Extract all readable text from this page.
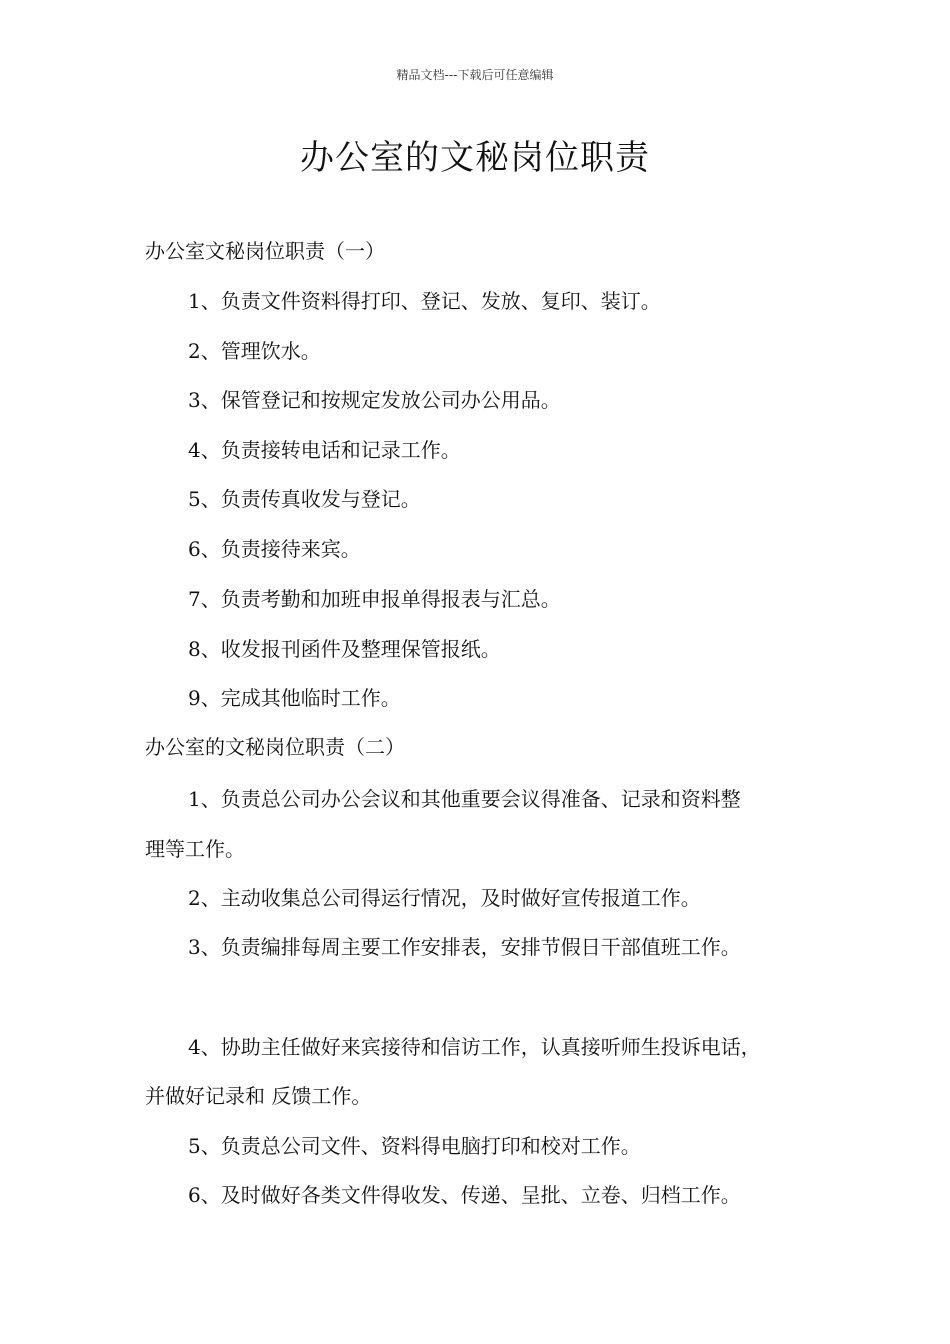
精品文档---下载后可任意编辑
办公室的文秘岗位职责
办公室文秘岗位职责（一）
1、负责文件资料得打印、登记、发放、复印、装订。
2、管理饮水。
3、保管登记和按规定发放公司办公用品。
4、负责接转电话和记录工作。
5、负责传真收发与登记。
6、负责接待来宾。
7、负责考勤和加班申报单得报表与汇总。
8、收发报刊函件及整理保管报纸。
9、完成其他临时工作。
办公室的文秘岗位职责（二）
1、负责总公司办公会议和其他重要会议得准备、记录和资料整
理等工作。
2、主动收集总公司得运行情况，及时做好宣传报道工作。
3、负责编排每周主要工作安排表，安排节假日干部值班工作。
4、协助主任做好来宾接待和信访工作，认真接听师生投诉电话，
并做好记录和 反馈工作。
5、负责总公司文件、资料得电脑打印和校对工作。
6、及时做好各类文件得收发、传递、呈批、立卷、归档工作。
